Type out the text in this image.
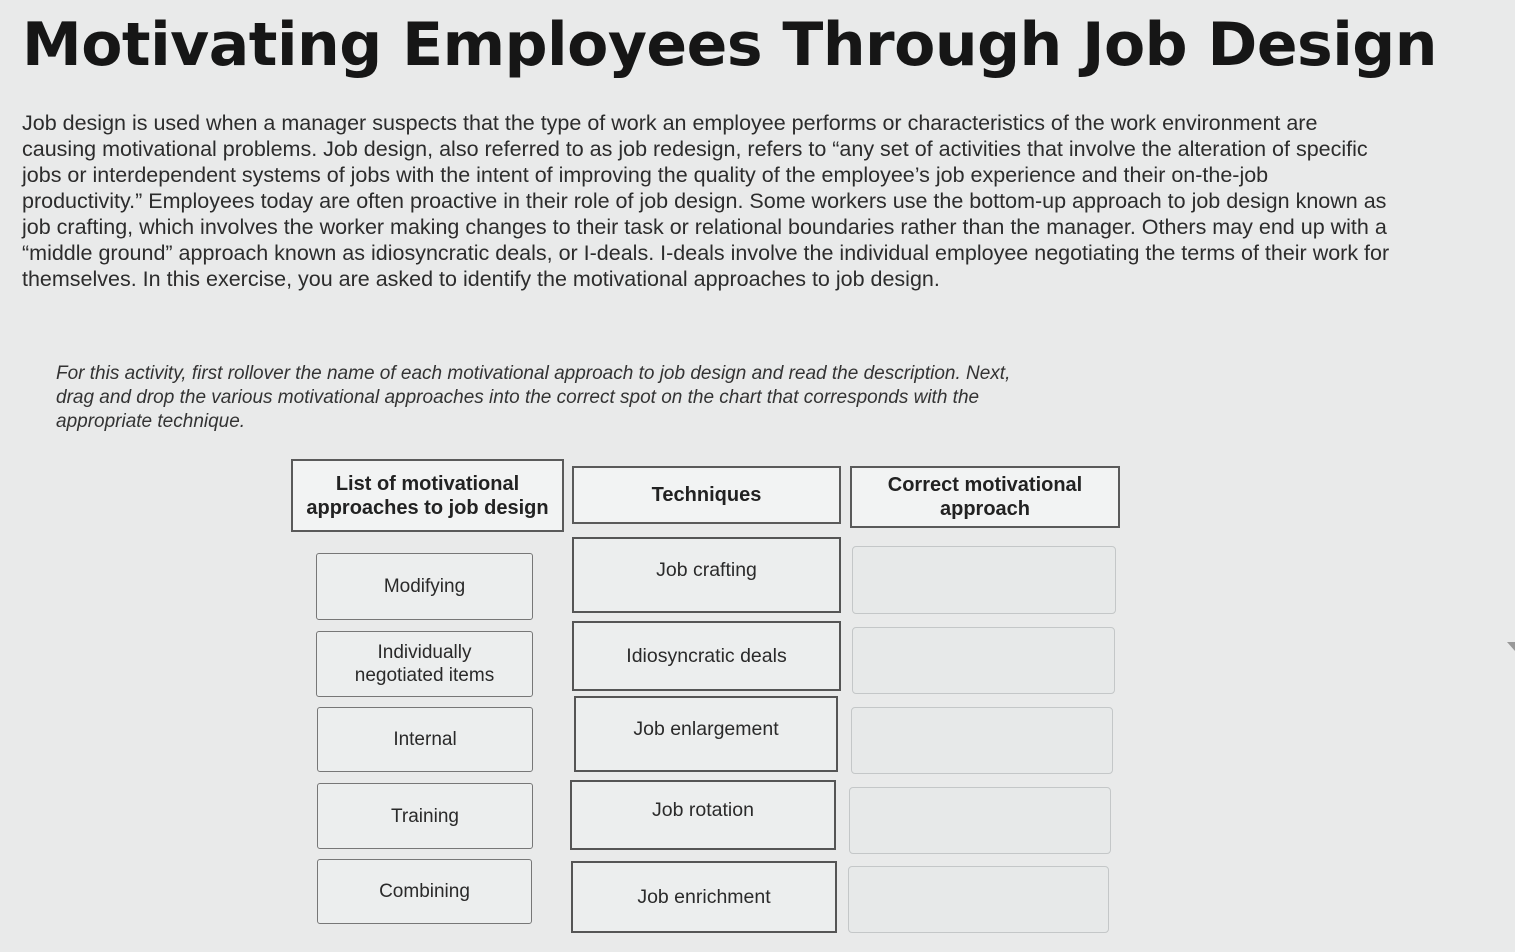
Motivating Employees Through Job Design

Job design is used when a manager suspects that the type of work an employee performs or characteristics of the work environment are causing motivational problems. Job design, also referred to as job redesign, refers to “any set of activities that involve the alteration of specific jobs or interdependent systems of jobs with the intent of improving the quality of the employee’s job experience and their on-the-job productivity.” Employees today are often proactive in their role of job design. Some workers use the bottom-up approach to job design known as job crafting, which involves the worker making changes to their task or relational boundaries rather than the manager. Others may end up with a “middle ground” approach known as idiosyncratic deals, or I-deals. I-deals involve the individual employee negotiating the terms of their work for themselves. In this exercise, you are asked to identify the motivational approaches to job design.

For this activity, first rollover the name of each motivational approach to job design and read the description. Next, drag and drop the various motivational approaches into the correct spot on the chart that corresponds with the appropriate technique.

List of motivational approaches to job design
Techniques	Correct motivational approach
Modifying
Individually negotiated items
Internal
Training
Combining
Job crafting
Idiosyncratic deals
Job enlargement
Job rotation
Job enrichment
